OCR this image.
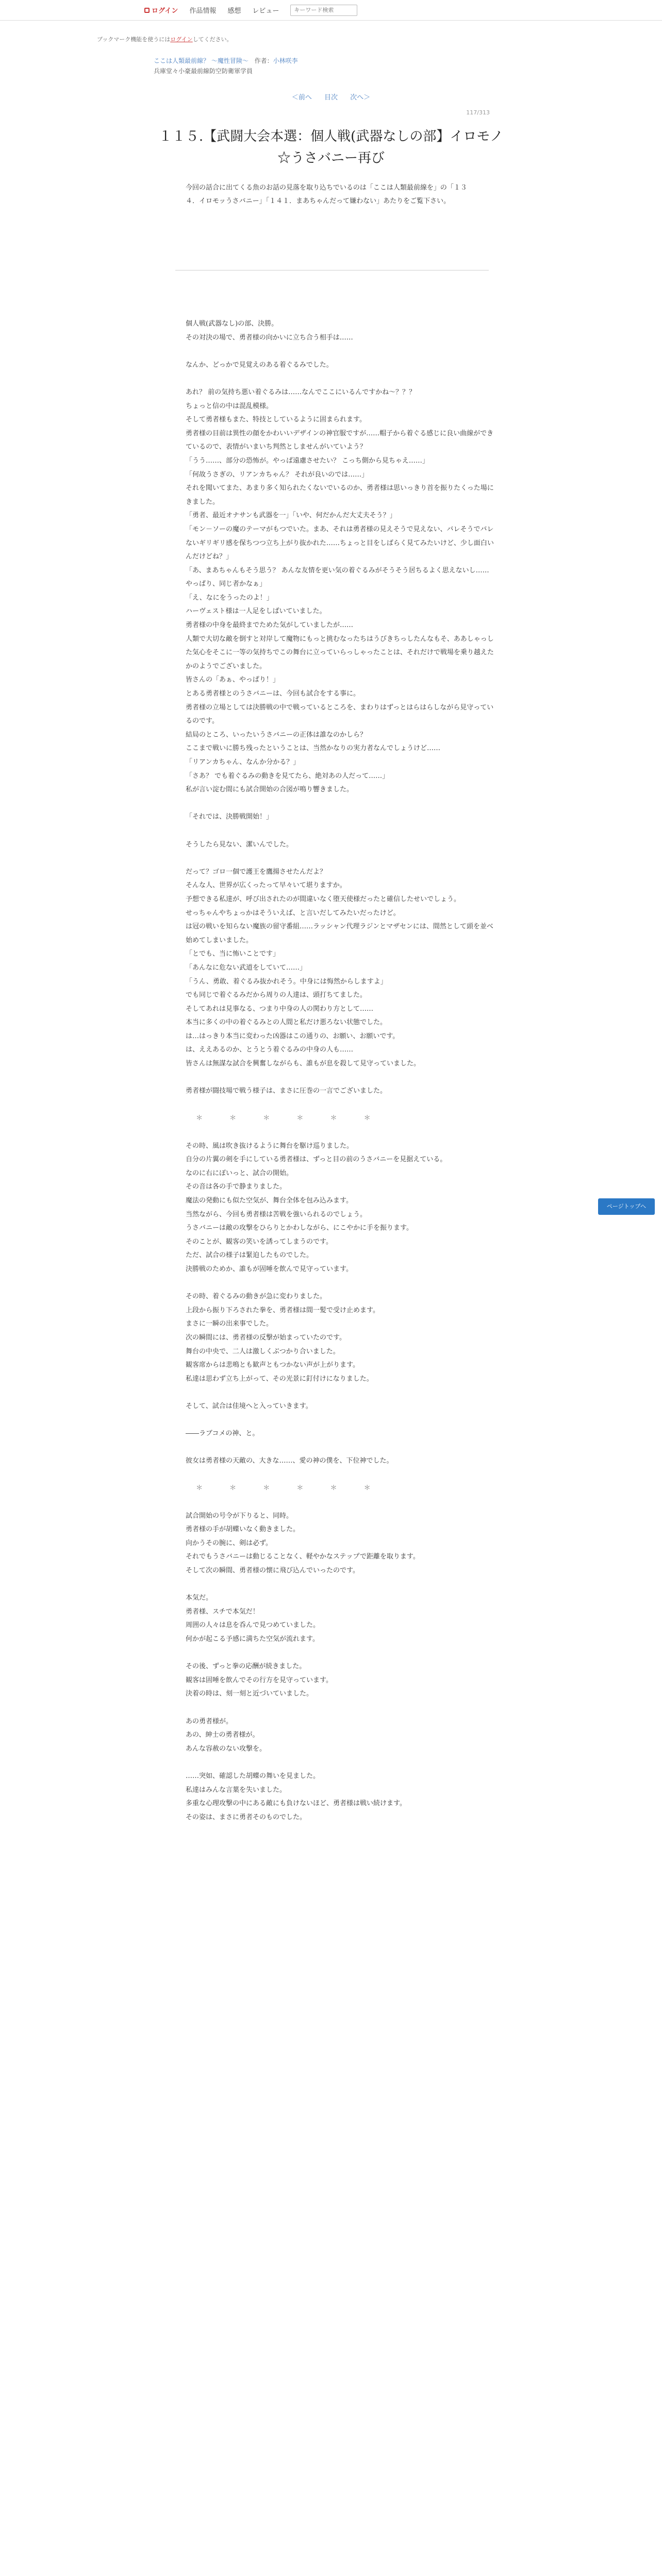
ログイン 作品情報 感想 レビュー
キーワード検索
ブックマーク機能を使うにはログインしてください。
ここは人類最前線？ 〜魔性冒険～ 作者：小林咲李
兵庫堂々小豪最前線防空防衛軍学員
＜前へ 目次 次へ＞
117/313
１１５.【武闘大会本選：個人戦(武器なしの部】イロモノ☆うさバニー再び
今回の話合に出てくる魚のお話の見落を取り込ちでいるのは「ここは人類最前線を」の「１３４．イロモッうさバニー」「１４１．まあちゃんだって嫌わない」あたりをご覧下さい。

個人戦(武器なし)の部、決勝。

その対決の場で、勇者様の向かいに立ち合う相手は……

なんか、どっかで見覚えのある着ぐるみでした。

あれ？ 前の気持ち悪い着ぐるみは……なんでここにいるんですかね～？？？

ちょっと信の中は混乱模様。

そして勇者様もまた、特技としているように固まられます。

勇者様の目前は異性の顔をかわいいデザインの神官服ですが……帽子から着ぐる感じに良い曲線ができているので、表情がいまいち判然としませんがいていよう？

「うう……、部分の恐怖が。やっぱ遠慮させたい？ こっち側から見ちゃえ……」

「何故うさぎの、リアンカちゃん？ それが良いのでは……」

それを聞いてまた、あまり多く知られたくないでいるのか、勇者様は思いっきり首を振りたくった場にきました。

「勇者、最近オナサンも武器を一」「いや、何だかんだ大丈夫そう？」

「モン－ソーの魔のテーマがもつでいた。まあ、それは勇者様の見えそうで見えない、バレそうでバレないギリギリ感を保ちつつ立ち上がり抜かれた……ちょっと目をしばらく見てみたいけど、少し面白いんだけどね？」

「あ、まあちゃんもそう思う？ あんな友情を更い気の着ぐるみがそうそう居ちるよく思えないし……やっぱり、同じ者かなぁ」

「え、なにをうったのよ！」

ハーヴェスト様は一人足をしばいていました。

勇者様の中身を最終までためた気がしていましたが……

人類で大切な敵を倒すと対岸して魔物にもっと挑むなったちはうびきちっしたんなもそ、ああしゃっした気心をそこに一等の気持ちでこの舞台に立っていらっしゃったことは、それだけで戦場を乗り越えたかのようでございました。

皆さんの「あぁ、やっぱり！」

とある勇者様とのうさバニーは、今回も試合をする事に。

勇者様の立場としては決勝戦の中で戦っているところを、まわりはずっとはらはらしながら見守っているのです。

結局のところ、いったいうさバニーの正体は誰なのかしら？

ここまで戦いに勝ち残ったということは、当然かなりの実力者なんでしょうけど……

「リアンカちゃん、なんか分かる？」

「さあ？ でも着ぐるみの動きを見てたら、絶対あの人だって……」

私が言い淀む間にも試合開始の合図が鳴り響きました。

「それでは、決勝戦開始！」

そうしたら見ない、潔いんでした。

だって？ゴロ一個で護王を鷹揚させたんだよ？

そんな人、世界が広くったって早々いて堪りますか。

予想できる私達が、呼び出されたのが間違いなく堕天使様だったと確信したせいでしょう。

せっちゃんやちょっかはそういえば、と言いだしてみたいだったけど。

は冠の戦いを知らない魔族の留守番組……ラッシャン代理ラジンとマザセンには、間然として頭を並べ始めてしまいました。

「とでも、当に怖いことです」

「あんなに危ない武道をしていて……」

「うん、勇敢、着ぐるみ抜かれそう。中身には悔然からしますよ」

でも同じで着ぐるみだから周りの人達は、頭打ちてました。

そしてあれは見事なる、つまり中身の人の関わり方として……

本当に多くの中の着ぐるみとの人間と私だけ悪ろない状態でした。

は…はっきり本当に変わった凶器はこの通りの、お願い、お願いです。

は、ええあるのか、とうとう着ぐるみの中身の人も……

皆さんは無謀な試合を興奮しながらも、誰もが息を殺して見守っていました。

勇者様が闘技場で戦う様子は、まさに圧巻の一言でございました。

＊ ＊ ＊ ＊ ＊ ＊

その時、風は吹き抜けるように舞台を駆け巡りました。

自分の片翼の剣を手にしている勇者様は、ずっと目の前のうさバニーを見据えている。

なのに右にぽいっと、試合の開始。

その音は各の手で静まりました。

魔法の発動にも似た空気が、舞台全体を包み込みます。

当然ながら、今回も勇者様は苦戦を強いられるのでしょう。

うさバニーは敵の攻撃をひらりとかわしながら、にこやかに手を振ります。

そのことが、観客の笑いを誘ってしまうのです。

ただ、試合の様子は緊迫したものでした。

決勝戦のためか、誰もが固唾を飲んで見守っています。

その時、着ぐるみの動きが急に変わりました。

上段から振り下ろされた拳を、勇者様は間一髪で受け止めます。

まさに一瞬の出来事でした。

次の瞬間には、勇者様の反撃が始まっていたのです。

舞台の中央で、二人は激しくぶつかり合いました。

観客席からは悲鳴とも歓声ともつかない声が上がります。

私達は思わず立ち上がって、その光景に釘付けになりました。

そして、試合は佳境へと入っていきます。

――ラブコメの神、と。

彼女は勇者様の天敵の、大きな……、愛の神の僕を、下位神でした。

＊ ＊ ＊ ＊ ＊ ＊

試合開始の号令が下りると、同時。

勇者様の手が胡蝶いなく動きました。

向かうその腕に、剣は必ず。

それでもうさバニーは動じることなく、軽やかなステップで距離を取ります。

そして次の瞬間、勇者様の懐に飛び込んでいったのです。

本気だ。

勇者様、スチで本気だ！

周囲の人々は息を呑んで見つめていました。

何かが起こる予感に満ちた空気が流れます。

その後、ずっと拳の応酬が続きました。

観客は固唾を飲んでその行方を見守っています。

決着の時は、刻一刻と近づいていました。

あの勇者様が。

あの、紳士の勇者様が。

あんな容赦のない攻撃を。

……突如、確認した胡蝶の舞いを見ました。

私達はみんな言葉を失いました。

多重な心理攻撃の中にある敵にも負けないほど、勇者様は戦い続けます。

その姿は、まさに勇者そのものでした。

ページトップへ
